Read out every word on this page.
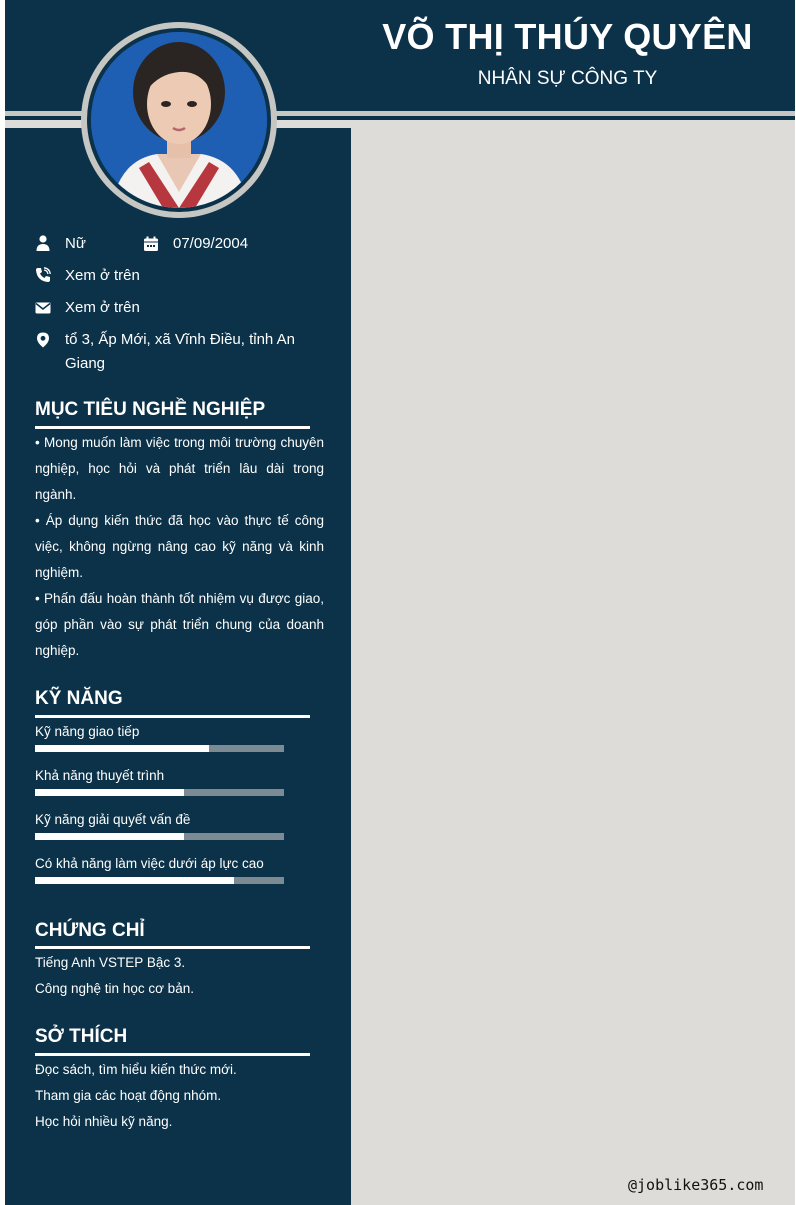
VÕ THỊ THÚY QUYÊN
NHÂN SỰ CÔNG TY
Kỹ năng giao tiếp
Khả năng thuyết trình
Kỹ năng giải quyết vấn đề
Có khả năng làm việc dưới áp lực cao
Nữ	07/09/2004
Xem ở trên
Xem ở trên
tổ 3, Ấp Mới, xã Vĩnh Điều, tỉnh An Giang
MỤC TIÊU NGHỀ NGHIỆP

• Mong muốn làm việc trong môi trường chuyên nghiệp, học hỏi và phát triển lâu dài trong ngành.

• Áp dụng kiến thức đã học vào thực tế công việc, không ngừng nâng cao kỹ năng và kinh nghiệm.

• Phấn đấu hoàn thành tốt nhiệm vụ được giao, góp phần vào sự phát triển chung của doanh nghiệp.

KỸ NĂNG
CHỨNG CHỈ
Tiếng Anh VSTEP Bậc 3.
Công nghệ tin học cơ bản.
SỞ THÍCH
Đọc sách, tìm hiểu kiến thức mới.
Tham gia các hoạt động nhóm.
Học hỏi nhiều kỹ năng.
@joblike365.com
